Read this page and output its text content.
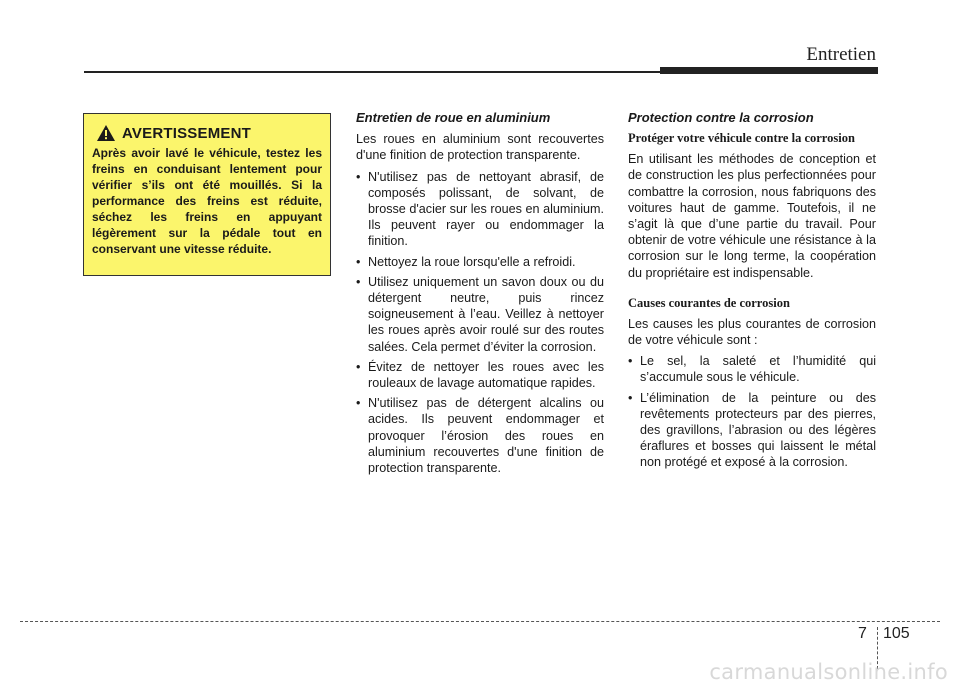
Entretien
AVERTISSEMENT

Après avoir lavé le véhicule, testez les freins en conduisant lentement pour vérifier s’ils ont été mouillés. Si la performance des freins est réduite, séchez les freins en appuyant légèrement sur la pédale tout en conservant une vitesse réduite.

Entretien de roue en aluminium

Les roues en aluminium sont recouvertes d'une finition de protection transparente.

• N'utilisez pas de nettoyant abrasif, de composés polissant, de solvant, de brosse d'acier sur les roues en aluminium. Ils peuvent rayer ou endommager la finition.
• Nettoyez la roue lorsqu'elle a refroidi.
• Utilisez uniquement un savon doux ou du détergent neutre, puis rincez soigneusement à l’eau. Veillez à nettoyer les roues après avoir roulé sur des routes salées. Cela permet d’éviter la corrosion.
• Évitez de nettoyer les roues avec les rouleaux de lavage automatique rapides.
• N'utilisez pas de détergent alcalins ou acides. Ils peuvent endommager et provoquer l’érosion des roues en aluminium recouvertes d'une finition de protection transparente.
Protection contre la corrosion
Protéger votre véhicule contre la corrosion

En utilisant les méthodes de conception et de construction les plus perfectionnées pour combattre la corrosion, nous fabriquons des voitures haut de gamme. Toutefois, il ne s’agit là que d’une partie du travail. Pour obtenir de votre véhicule une résistance à la corrosion sur le long terme, la coopération du propriétaire est indispensable.

Causes courantes de corrosion

Les causes les plus courantes de corrosion de votre véhicule sont :

• Le sel, la saleté et l’humidité qui s’accumule sous le véhicule.
• L’élimination de la peinture ou des revêtements protecteurs par des pierres, des gravillons, l’abrasion ou des légères éraflures et bosses qui laissent le métal non protégé et exposé à la corrosion.
7 105
carmanualsonline.info
